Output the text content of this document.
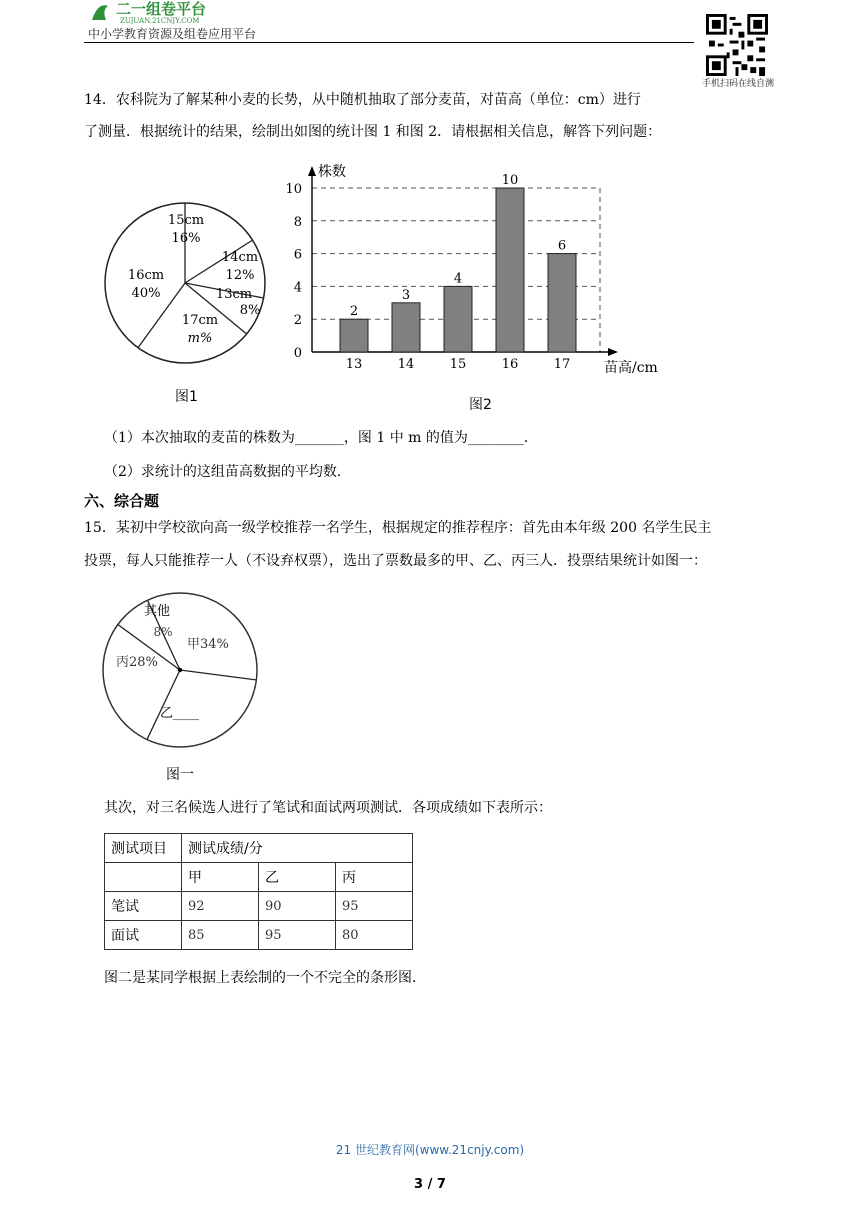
二一组卷平台
ZUJUAN.21CNJY.COM
中小学教育资源及组卷应用平台
手机扫码在线自测
14．农科院为了解某种小麦的长势，从中随机抽取了部分麦苗，对苗高（单位：cm）进行
了测量．根据统计的结果，绘制出如图的统计图 1 和图 2．请根据相关信息，解答下列问题：
15cm
16%
14cm
12%
13cm
8%
17cm
m%
16cm
40%
图1
0
2
4
6
8
10
株数
苗高/cm
2
13
3
14
4
15
10
16
6
17
图2
（1）本次抽取的麦苗的株数为_______，图 1 中 m 的值为________．
（2）求统计的这组苗高数据的平均数．
六、综合题
15．某初中学校欲向高一级学校推荐一名学生，根据规定的推荐程序：首先由本年级 200 名学生民主
投票，每人只能推荐一人（不设弃权票），选出了票数最多的甲、乙、丙三人．投票结果统计如图一：
其他
8%
甲34%
丙28%
乙____
图一
其次，对三名候选人进行了笔试和面试两项测试．各项成绩如下表所示：
测试项目	测试成绩/分		
	甲	乙	丙
笔试	92	90	95
面试	85	95	80
图二是某同学根据上表绘制的一个不完全的条形图．
21 世纪教育网(www.21cnjy.com)
3 / 7
